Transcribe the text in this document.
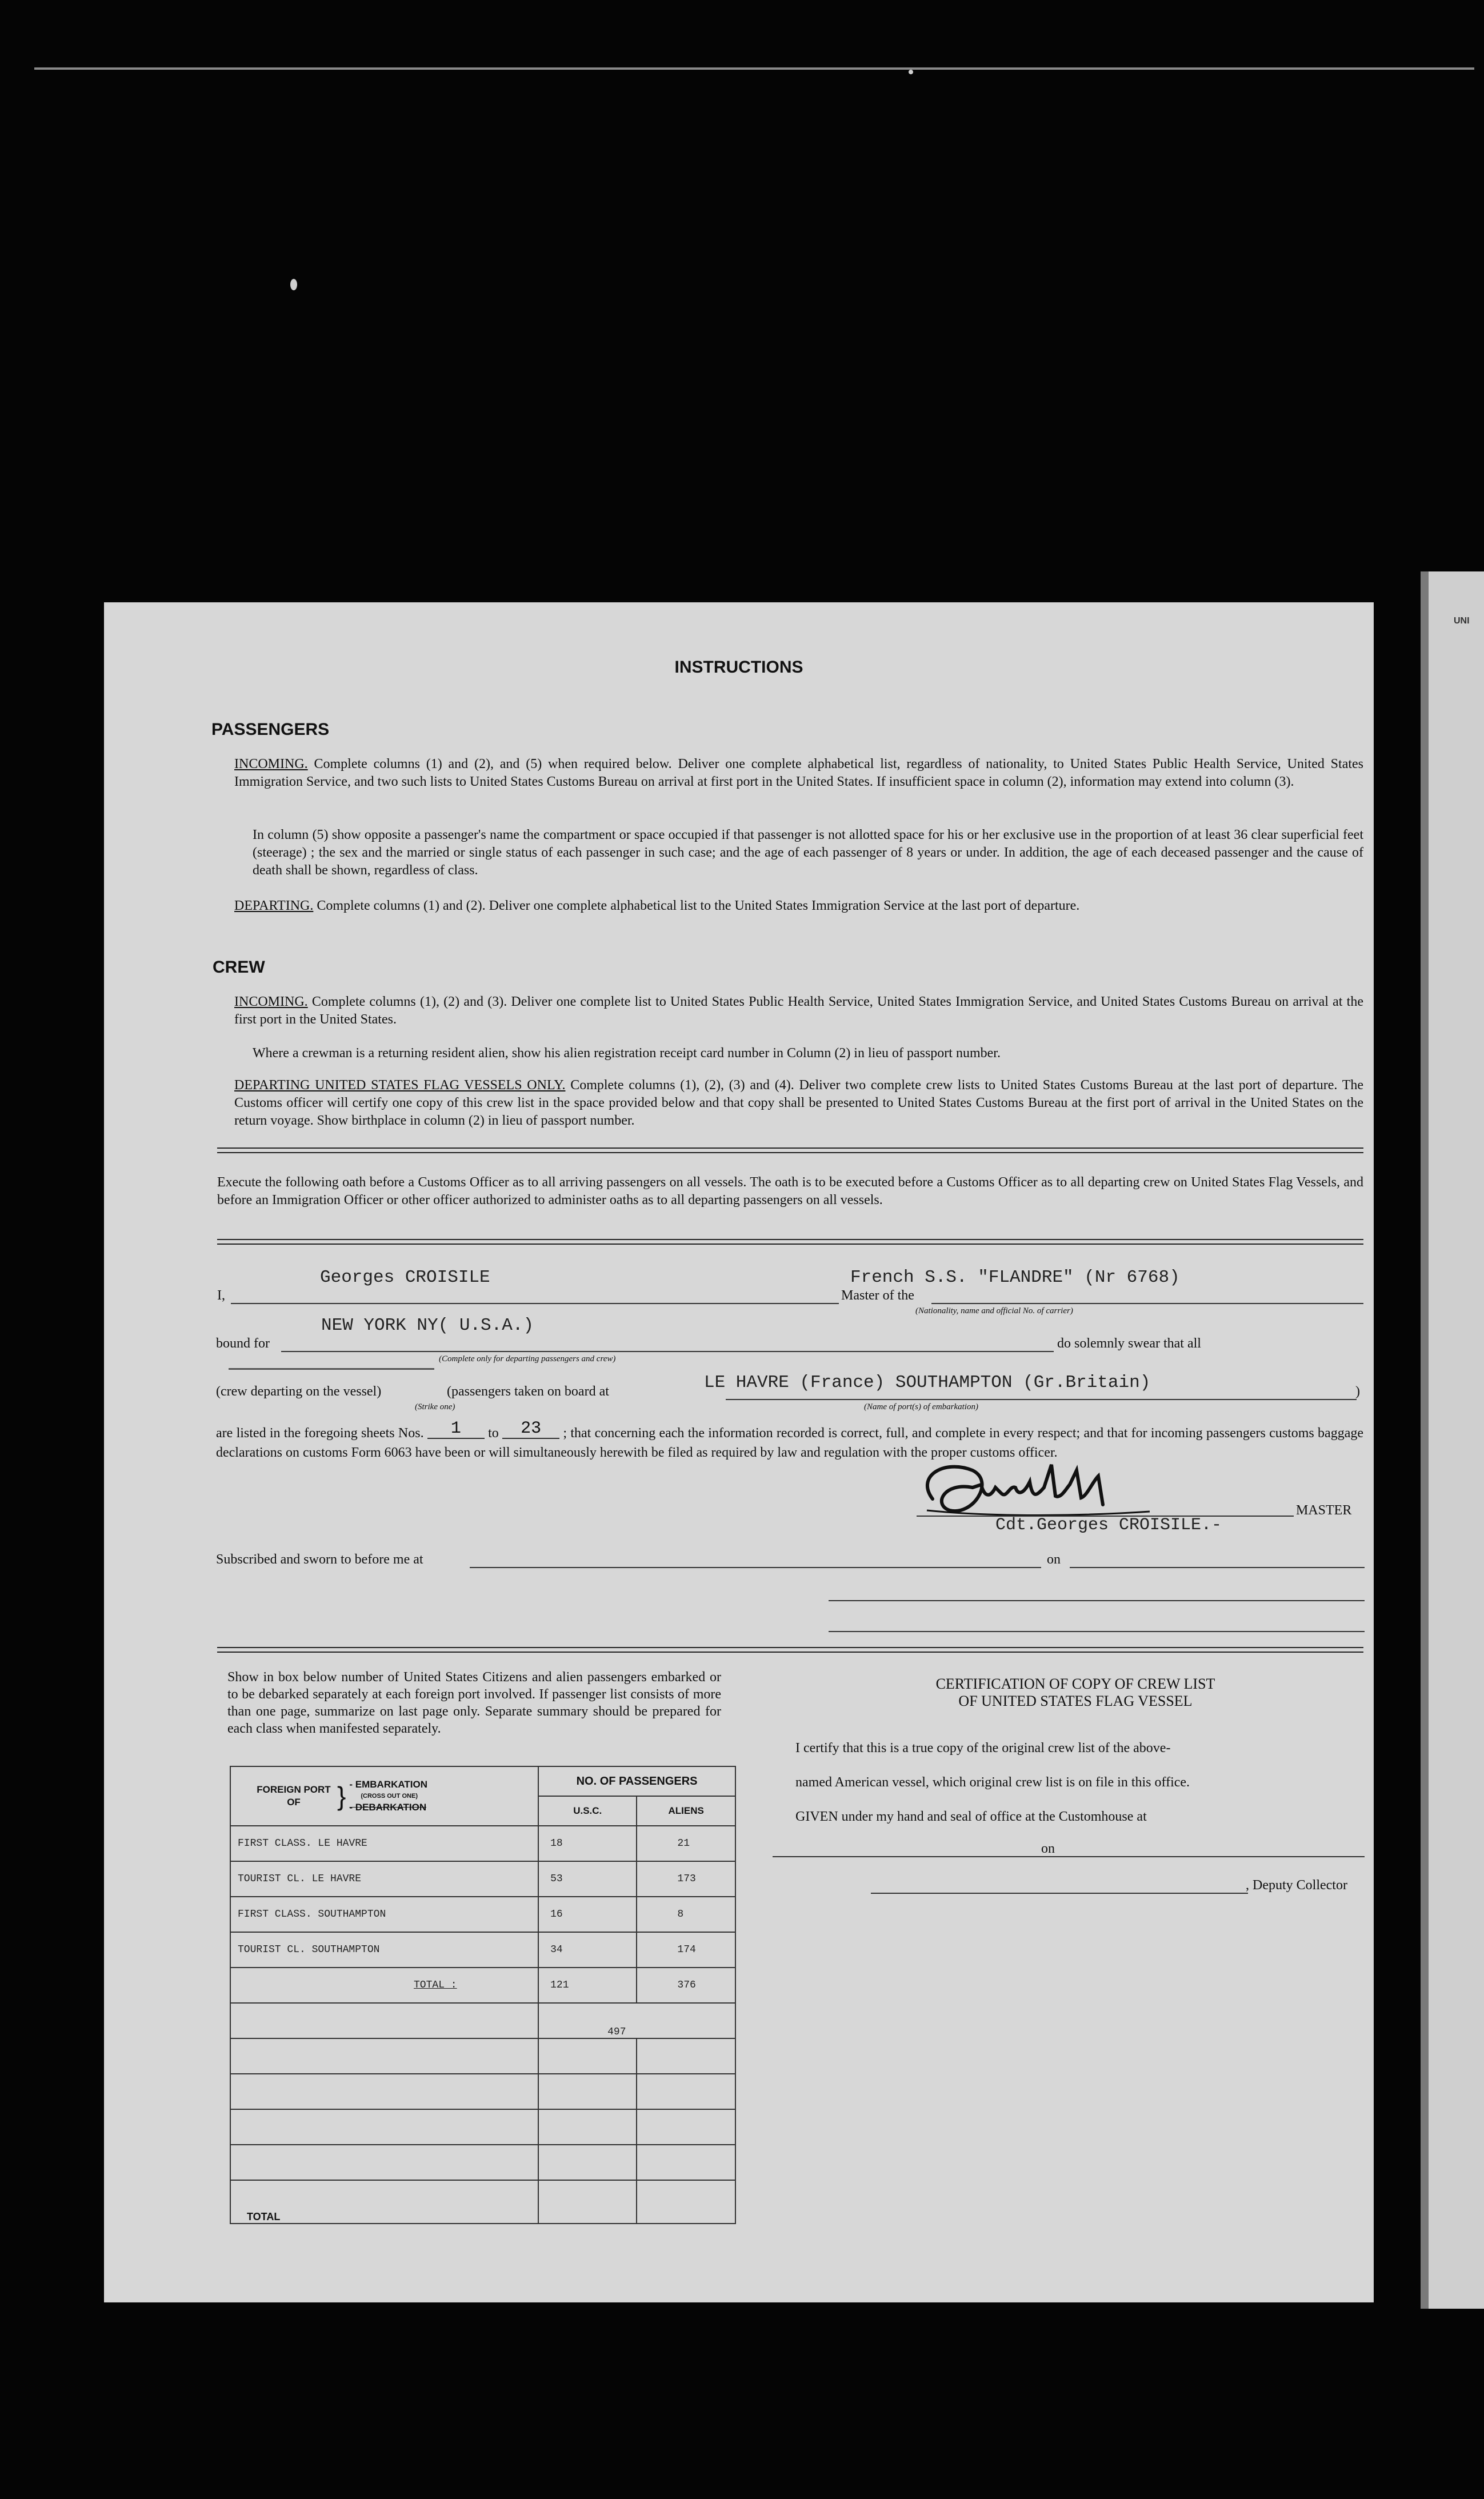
UNI
INSTRUCTIONS
PASSENGERS
INCOMING. Complete columns (1) and (2), and (5) when required below. Deliver one complete alphabetical list, regardless of nationality, to United States Public Health Service, United States Immigration Service, and two such lists to United States Customs Bureau on arrival at first port in the United States. If insufficient space in column (2), information may extend into column (3).
In column (5) show opposite a passenger's name the compartment or space occupied if that passenger is not allotted space for his or her exclusive use in the proportion of at least 36 clear superficial feet (steerage) ; the sex and the married or single status of each passenger in such case; and the age of each passenger of 8 years or under. In addition, the age of each deceased passenger and the cause of death shall be shown, regardless of class.
DEPARTING. Complete columns (1) and (2). Deliver one complete alphabetical list to the United States Immigration Service at the last port of departure.
CREW
INCOMING. Complete columns (1), (2) and (3). Deliver one complete list to United States Public Health Service, United States Immigration Service, and United States Customs Bureau on arrival at the first port in the United States.
Where a crewman is a returning resident alien, show his alien registration receipt card number in Column (2) in lieu of passport number.
DEPARTING UNITED STATES FLAG VESSELS ONLY. Complete columns (1), (2), (3) and (4). Deliver two complete crew lists to United States Customs Bureau at the last port of departure. The Customs officer will certify one copy of this crew list in the space provided below and that copy shall be presented to United States Customs Bureau at the first port of arrival in the United States on the return voyage. Show birthplace in column (2) in lieu of passport number.
Execute the following oath before a Customs Officer as to all arriving passengers on all vessels. The oath is to be executed before a Customs Officer as to all departing crew on United States Flag Vessels, and before an Immigration Officer or other officer authorized to administer oaths as to all departing passengers on all vessels.
I,
Georges CROISILE
Master of the
French S.S. "FLANDRE" (Nr 6768)
(Nationality, name and official No. of carrier)
bound for
NEW YORK NY( U.S.A.)
(Complete only for departing passengers and crew)
do solemnly swear that all
(crew departing on the vessel)
(Strike one)
(passengers taken on board at	LE HAVRE (France) SOUTHAMPTON (Gr.Britain)
(Name of port(s) of embarkation)
)
are listed in the foregoing sheets Nos. 1 to 23 ; that concerning each the information recorded is correct, full, and complete in every respect; and that for incoming passengers customs baggage declarations on customs Form 6063 have been or will simultaneously herewith be filed as required by law and regulation with the proper customs officer.
MASTER
Cdt.Georges CROISILE.-
Subscribed and sworn to before me at	on
Show in box below number of United States Citizens and alien passengers embarked or to be debarked separately at each foreign port involved. If passenger list consists of more than one page, summarize on last page only. Separate summary should be prepared for each class when manifested separately.
FOREIGN PORT OF } - EMBARKATION
(CROSS OUT ONE)
- DEBARKATION	NO. OF PASSENGERS	
	U.S.C.	ALIENS
FIRST CLASS. LE HAVRE	18	21
TOURIST CL. LE HAVRE	53	173
FIRST CLASS. SOUTHAMPTON	16	8
TOURIST CL. SOUTHAMPTON	34	174
TOTAL :	121	376
	497	

TOTAL		
CERTIFICATION OF COPY OF CREW LIST
OF UNITED STATES FLAG VESSEL
I certify that this is a true copy of the original crew list of the above-
named American vessel, which original crew list is on file in this office.
GIVEN under my hand and seal of office at the Customhouse at
on
, Deputy Collector
